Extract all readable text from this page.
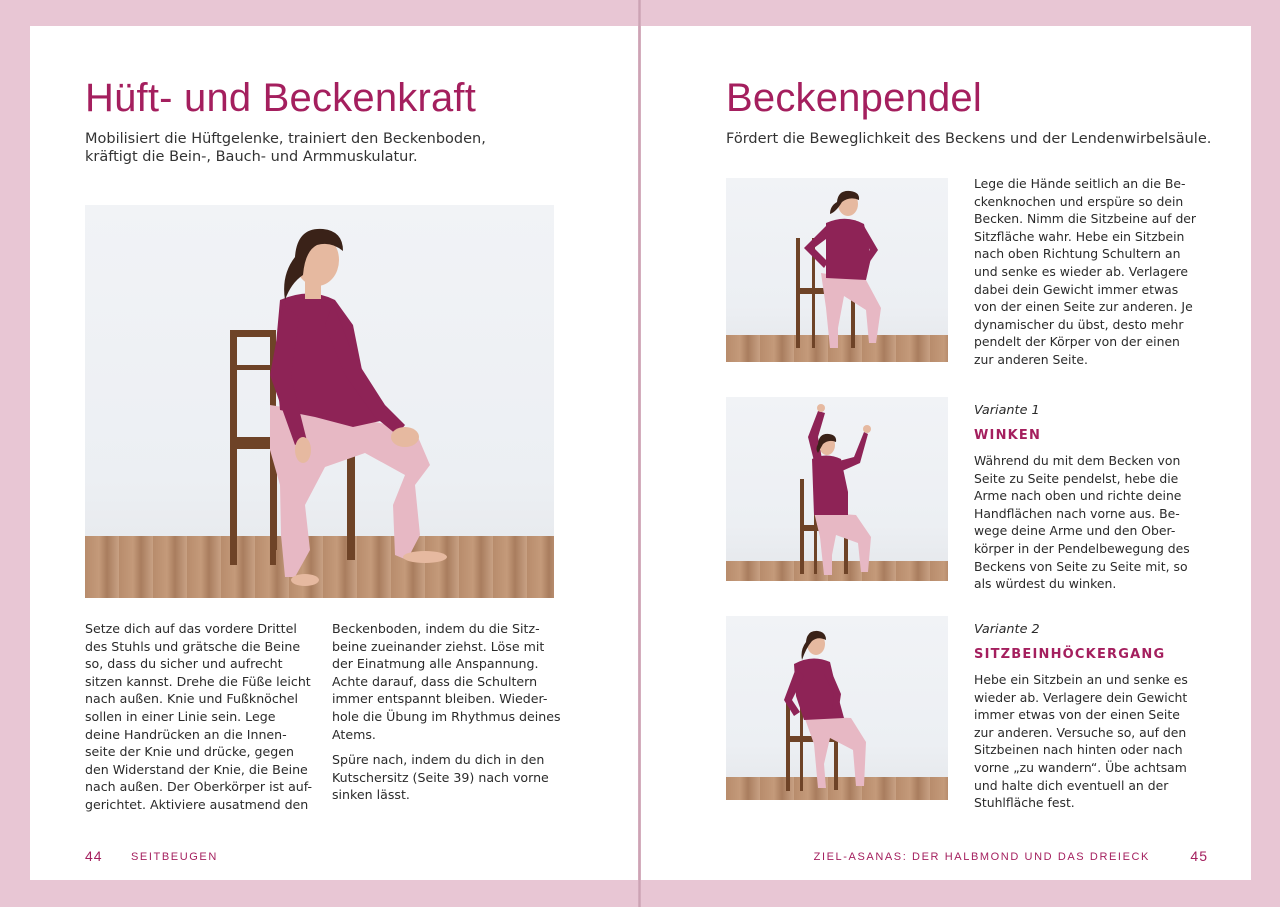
Hüft- und Beckenkraft
Mobilisiert die Hüftgelenke, trainiert den Beckenboden,
kräftigt die Bein-, Bauch- und Armmuskulatur.
Setze dich auf das vordere Drittel
des Stuhls und grätsche die Beine
so, dass du sicher und aufrecht
sitzen kannst. Drehe die Füße leicht
nach außen. Knie und Fußknöchel
sollen in einer Linie sein. Lege
deine Handrücken an die Innen-
seite der Knie und drücke, gegen
den Widerstand der Knie, die Beine
nach außen. Der Oberkörper ist auf-
gerichtet. Aktiviere ausatmend den

Beckenboden, indem du die Sitz-
beine zueinander ziehst. Löse mit
der Einatmung alle Anspannung.
Achte darauf, dass die Schultern
immer entspannt bleiben. Wieder-
hole die Übung im Rhythmus deines
Atems.

Spüre nach, indem du dich in den
Kutschersitz (Seite 39) nach vorne
sinken lässt.

44	SEITBEUGEN
Beckenpendel
Fördert die Beweglichkeit des Beckens und der Lendenwirbelsäule.
Lege die Hände seitlich an die Be-
ckenknochen und erspüre so dein
Becken. Nimm die Sitzbeine auf der
Sitzfläche wahr. Hebe ein Sitzbein
nach oben Richtung Schultern an
und senke es wieder ab. Verlagere
dabei dein Gewicht immer etwas
von der einen Seite zur anderen. Je
dynamischer du übst, desto mehr
pendelt der Körper von der einen
zur anderen Seite.

Variante 1

WINKEN

Während du mit dem Becken von
Seite zu Seite pendelst, hebe die
Arme nach oben und richte deine
Handflächen nach vorne aus. Be-
wege deine Arme und den Ober-
körper in der Pendelbewegung des
Beckens von Seite zu Seite mit, so
als würdest du winken.

Variante 2

SITZBEINHÖCKERGANG

Hebe ein Sitzbein an und senke es
wieder ab. Verlagere dein Gewicht
immer etwas von der einen Seite
zur anderen. Versuche so, auf den
Sitzbeinen nach hinten oder nach
vorne „zu wandern“. Übe achtsam
und halte dich eventuell an der
Stuhlfläche fest.
ZIEL-ASANAS: DER HALBMOND UND DAS DREIECK	45
